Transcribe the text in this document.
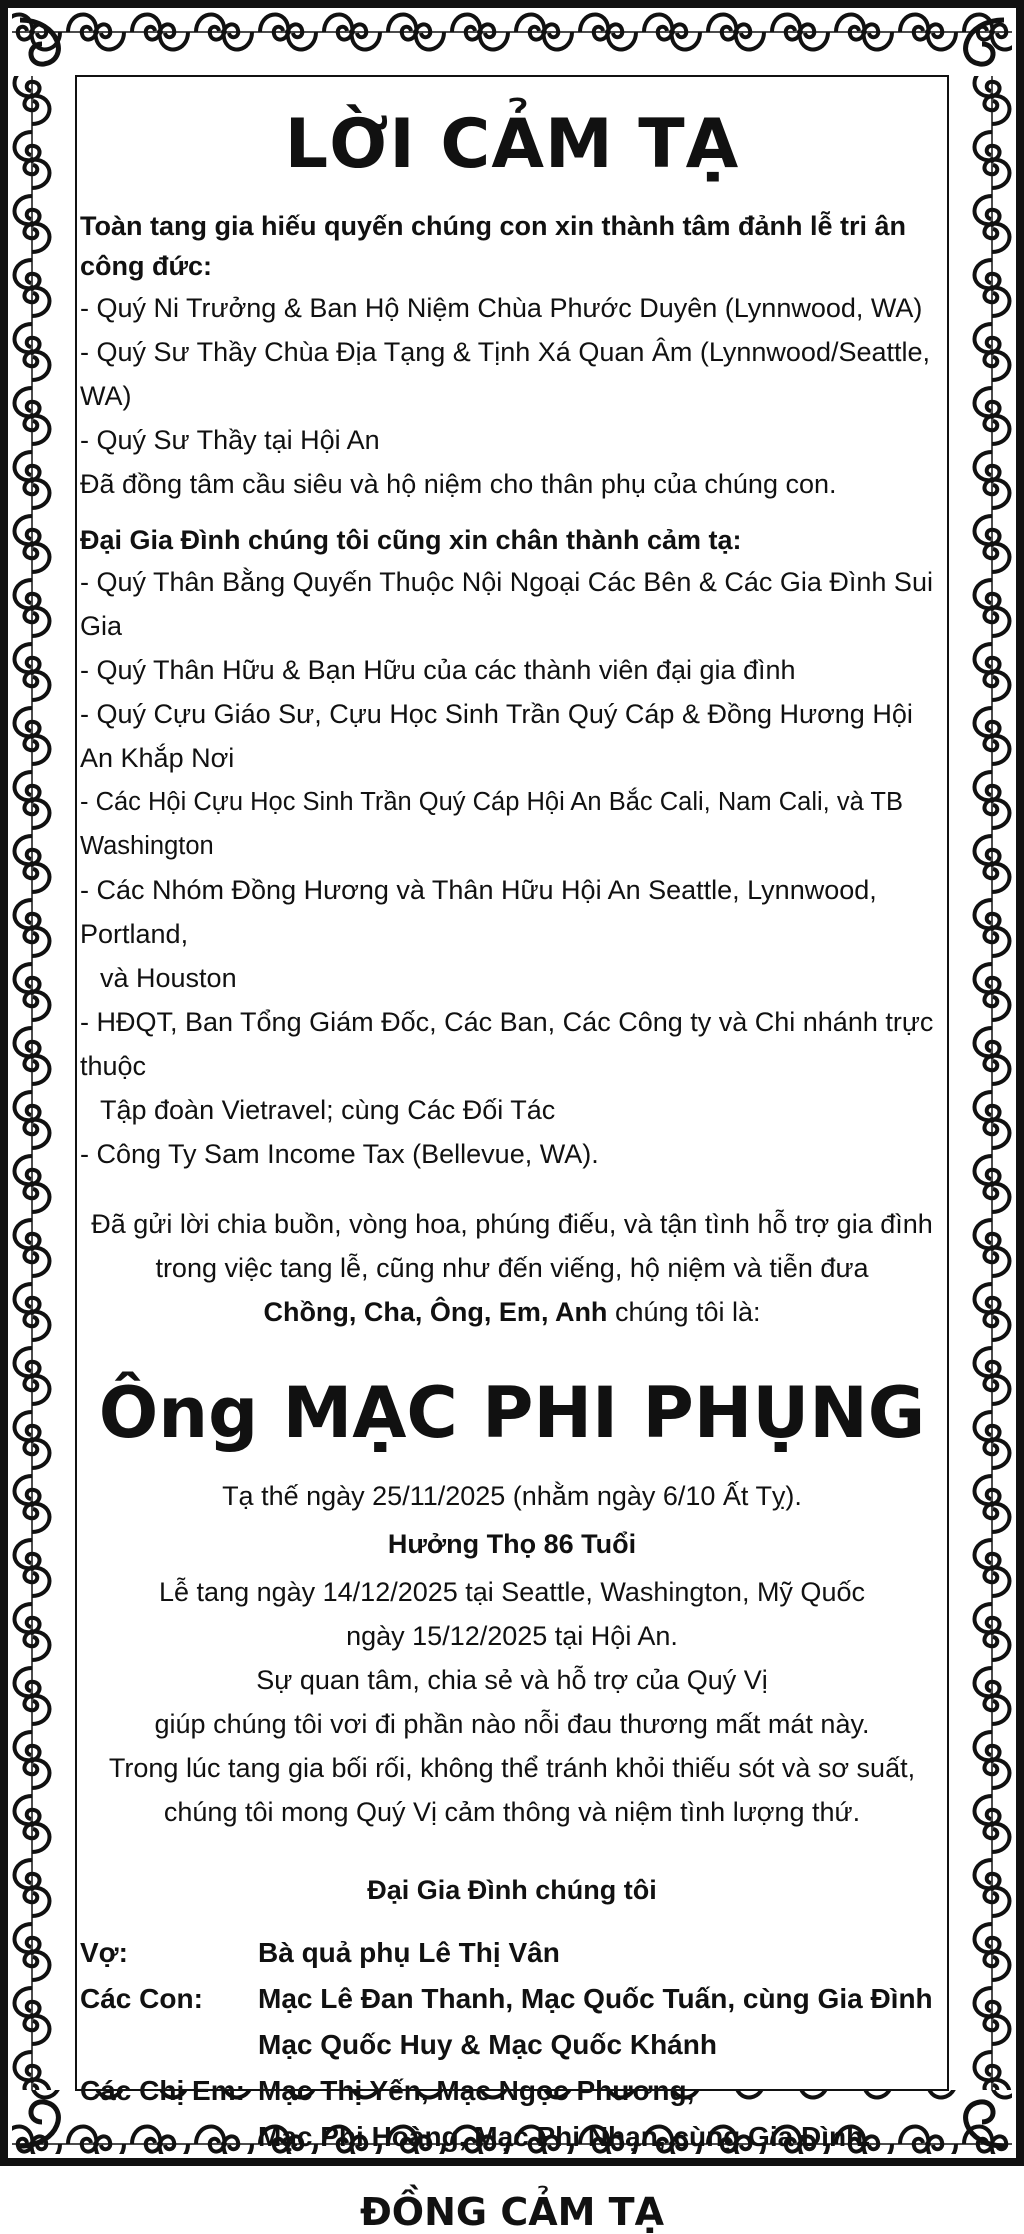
LỜI CẢM TẠ

Toàn tang gia hiếu quyến chúng con xin thành tâm đảnh lễ tri ân công đức:

- Quý Ni Trưởng & Ban Hộ Niệm Chùa Phước Duyên (Lynnwood, WA)

- Quý Sư Thầy Chùa Địa Tạng & Tịnh Xá Quan Âm (Lynnwood/Seattle, WA)

- Quý Sư Thầy tại Hội An

Đã đồng tâm cầu siêu và hộ niệm cho thân phụ của chúng con.

Đại Gia Đình chúng tôi cũng xin chân thành cảm tạ:

- Quý Thân Bằng Quyến Thuộc Nội Ngoại Các Bên & Các Gia Đình Sui Gia

- Quý Thân Hữu & Bạn Hữu của các thành viên đại gia đình

- Quý Cựu Giáo Sư, Cựu Học Sinh Trần Quý Cáp & Đồng Hương Hội An Khắp Nơi

- Các Hội Cựu Học Sinh Trần Quý Cáp Hội An Bắc Cali, Nam Cali, và TB Washington

- Các Nhóm Đồng Hương và Thân Hữu Hội An Seattle, Lynnwood, Portland,

và Houston

- HĐQT, Ban Tổng Giám Đốc, Các Ban, Các Công ty và Chi nhánh trực thuộc

Tập đoàn Vietravel; cùng Các Đối Tác

- Công Ty Sam Income Tax (Bellevue, WA).

Đã gửi lời chia buồn, vòng hoa, phúng điếu, và tận tình hỗ trợ gia đình

trong việc tang lễ, cũng như đến viếng, hộ niệm và tiễn đưa

Chồng, Cha, Ông, Em, Anh chúng tôi là:

Ông MẠC PHI PHỤNG

Tạ thế ngày 25/11/2025 (nhằm ngày 6/10 Ất Tỵ).

Hưởng Thọ 86 Tuổi

Lễ tang ngày 14/12/2025 tại Seattle, Washington, Mỹ Quốc

ngày 15/12/2025 tại Hội An.

Sự quan tâm, chia sẻ và hỗ trợ của Quý Vị

giúp chúng tôi vơi đi phần nào nỗi đau thương mất mát này.

Trong lúc tang gia bối rối, không thể tránh khỏi thiếu sót và sơ suất,

chúng tôi mong Quý Vị cảm thông và niệm tình lượng thứ.

Đại Gia Đình chúng tôi

Vợ:	Bà quả phụ Lê Thị Vân
Các Con:	Mạc Lê Đan Thanh, Mạc Quốc Tuấn, cùng Gia Đình
Mạc Quốc Huy & Mạc Quốc Khánh
Các Chị Em: Mạc Thị Yến, Mạc Ngọc Phương,
Mạc Phi Hoàng, Mạc Phi Nhạn, cùng Gia Đình.

ĐỒNG CẢM TẠ
